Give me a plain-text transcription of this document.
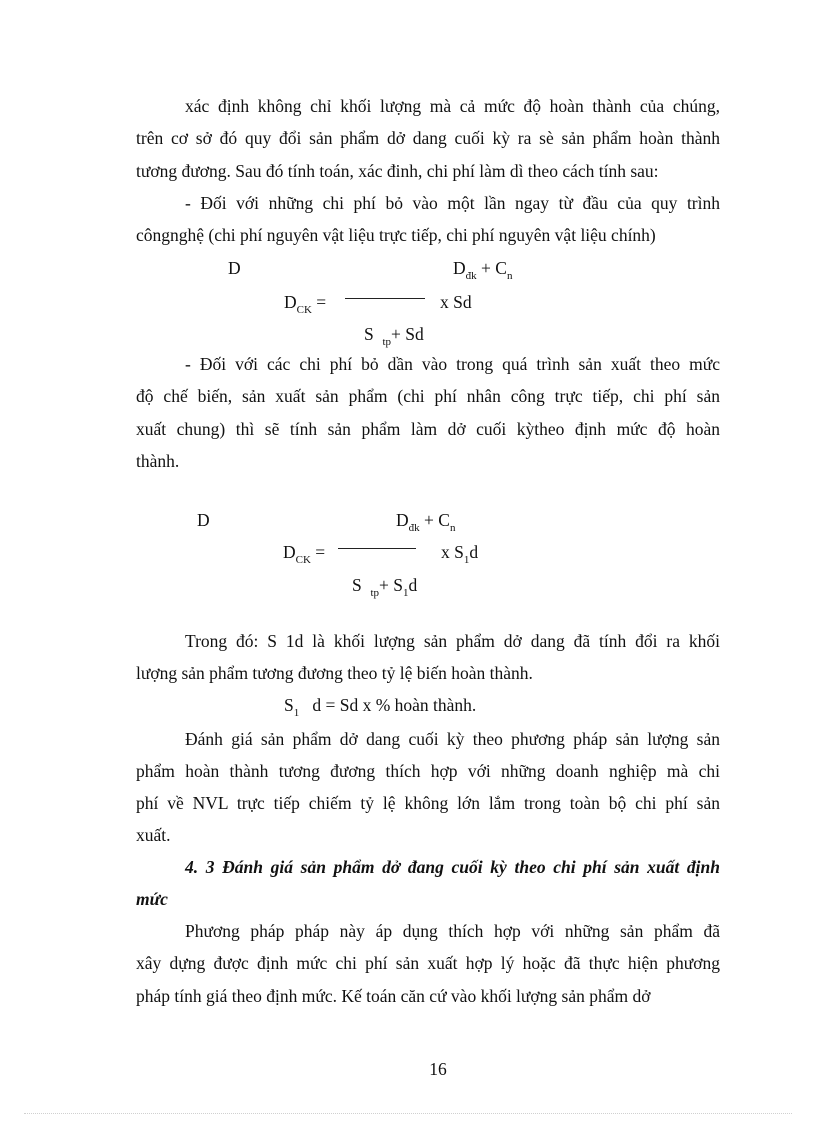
xác định không chỉ khối lượng mà cả mức độ hoàn thành của chúng,
trên cơ sở đó quy đổi sản phẩm dở dang cuối kỳ ra sè sản phẩm hoàn thành
tương đương. Sau đó tính toán, xác đinh, chi phí làm dì theo cách tính sau:
- Đối với những chi phí bỏ vào một lần ngay từ đầu của quy trình
côngnghệ (chi phí nguyên vật liệu trực tiếp, chi phí nguyên vật liệu chính)
D	$D_{đk} + C_n$
$D_{CK}$ =	x Sd
S $_{tp}$+ Sd
- Đối với các chi phí bỏ dần vào trong quá trình sản xuất theo mức
độ chế biến, sản xuất sản phẩm (chi phí nhân công trực tiếp, chi phí sản
xuất chung) thì sẽ tính sản phẩm làm dở cuối kỳtheo định mức độ hoàn
thành.
D	$D_{đk} + C_n$
$D_{CK}$ =	x $S_1d$
S $_{tp}+ S_1d$
Trong đó: S 1d là khối lượng sản phẩm dở dang đã tính đổi ra khối
lượng sản phẩm tương đương theo tỷ lệ biến hoàn thành.
$S_1$   d = Sd x % hoàn thành.
Đánh giá sản phẩm dở dang cuối kỳ theo phương pháp sản lượng sản
phẩm hoàn thành tương đương thích hợp với những doanh nghiệp mà chi
phí về NVL trực tiếp chiếm tỷ lệ không lớn lắm trong toàn bộ chi phí sản
xuất.
4. 3 Đánh giá sản phẩm dở đang cuối kỳ theo chi phí sản xuất định
mức
Phương pháp pháp này áp dụng thích hợp với những sản phẩm đã
xây dựng được định mức chi phí sản xuất hợp lý hoặc đã thực hiện phương
pháp tính giá theo định mức. Kế toán căn cứ vào khối lượng sản phẩm dở
16
